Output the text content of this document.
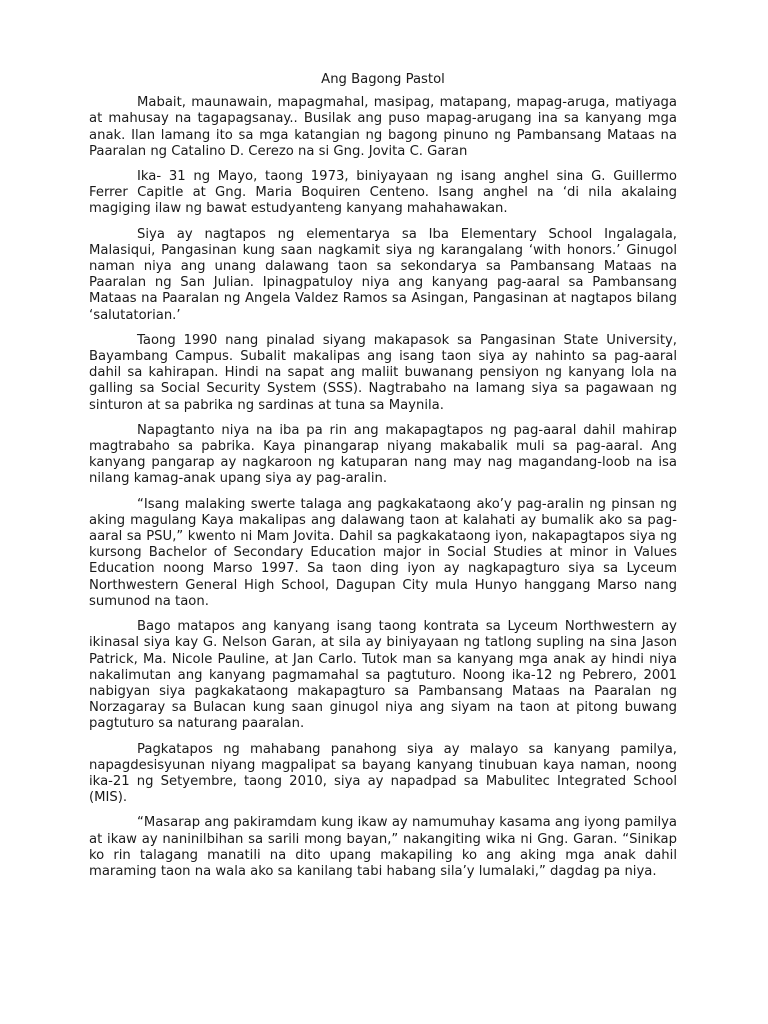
Ang Bagong Pastol

Mabait, maunawain, mapagmahal, masipag, matapang, mapag-aruga, matiyaga at mahusay na tagapagsanay.. Busilak ang puso mapag-arugang ina sa kanyang mga anak. Ilan lamang ito sa mga katangian ng bagong pinuno ng Pambansang Mataas na Paaralan ng Catalino D. Cerezo na si Gng. Jovita C. Garan

Ika- 31 ng Mayo, taong 1973, biniyayaan ng isang anghel sina G. Guillermo Ferrer Capitle at Gng. Maria Boquiren Centeno. Isang anghel na ‘di nila akalaing magiging ilaw ng bawat estudyanteng kanyang mahahawakan.

Siya ay nagtapos ng elementarya sa Iba Elementary School Ingalagala, Malasiqui, Pangasinan kung saan nagkamit siya ng karangalang ‘with honors.’ Ginugol naman niya ang unang dalawang taon sa sekondarya sa Pambansang Mataas na Paaralan ng San Julian. Ipinagpatuloy niya ang kanyang pag-aaral sa Pambansang Mataas na Paaralan ng Angela Valdez Ramos sa Asingan, Pangasinan at nagtapos bilang ‘salutatorian.’

Taong 1990 nang pinalad siyang makapasok sa Pangasinan State University, Bayambang Campus. Subalit makalipas ang isang taon siya ay nahinto sa pag-aaral dahil sa kahirapan. Hindi na sapat ang maliit buwanang pensiyon ng kanyang lola na galling sa Social Security System (SSS). Nagtrabaho na lamang siya sa pagawaan ng sinturon at sa pabrika ng sardinas at tuna sa Maynila.

Napagtanto niya na iba pa rin ang makapagtapos ng pag-aaral dahil mahirap magtrabaho sa pabrika. Kaya pinangarap niyang makabalik muli sa pag-aaral. Ang kanyang pangarap ay nagkaroon ng katuparan nang may nag magandang-loob na isa nilang kamag-anak upang siya ay pag-aralin.

“Isang malaking swerte talaga ang pagkakataong ako’y pag-aralin ng pinsan ng aking magulang Kaya makalipas ang dalawang taon at kalahati ay bumalik ako sa pag-aaral sa PSU,” kwento ni Mam Jovita. Dahil sa pagkakataong iyon, nakapagtapos siya ng kursong Bachelor of Secondary Education major in Social Studies at minor in Values Education noong Marso 1997. Sa taon ding iyon ay nagkapagturo siya sa Lyceum Northwestern General High School, Dagupan City mula Hunyo hanggang Marso nang sumunod na taon.

Bago matapos ang kanyang isang taong kontrata sa Lyceum Northwestern ay ikinasal siya kay G. Nelson Garan, at sila ay biniyayaan ng tatlong supling na sina Jason Patrick, Ma. Nicole Pauline, at Jan Carlo. Tutok man sa kanyang mga anak ay hindi niya nakalimutan ang kanyang pagmamahal sa pagtuturo. Noong ika-12 ng Pebrero, 2001 nabigyan siya pagkakataong makapagturo sa Pambansang Mataas na Paaralan ng Norzagaray sa Bulacan kung saan ginugol niya ang siyam na taon at pitong buwang pagtuturo sa naturang paaralan.

Pagkatapos ng mahabang panahong siya ay malayo sa kanyang pamilya, napagdesisyunan niyang magpalipat sa bayang kanyang tinubuan kaya naman, noong ika-21 ng Setyembre, taong 2010, siya ay napadpad sa Mabulitec Integrated School (MIS).

“Masarap ang pakiramdam kung ikaw ay namumuhay kasama ang iyong pamilya at ikaw ay naninilbihan sa sarili mong bayan,” nakangiting wika ni Gng. Garan. “Sinikap ko rin talagang manatili na dito upang makapiling ko ang aking mga anak dahil maraming taon na wala ako sa kanilang tabi habang sila’y lumalaki,” dagdag pa niya.
